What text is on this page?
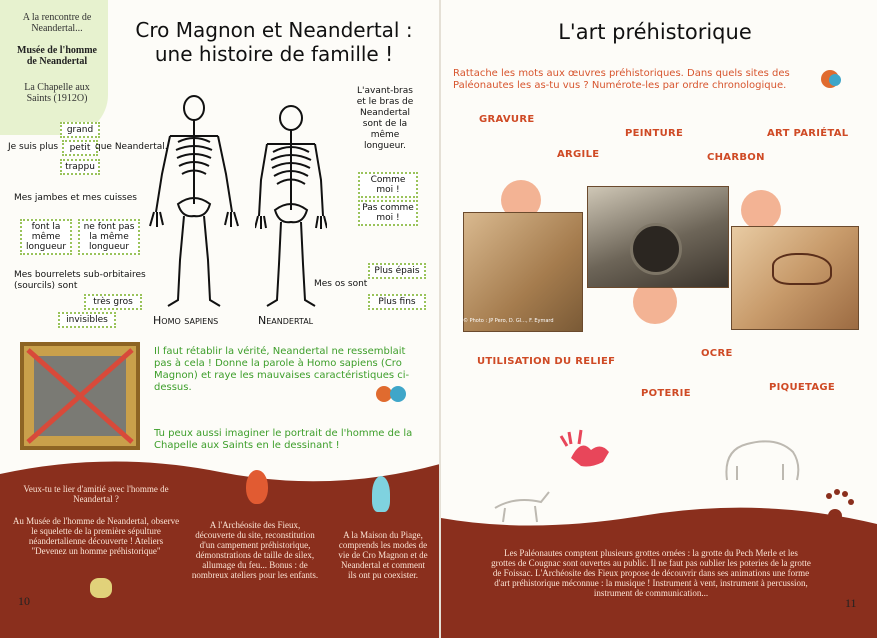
A la rencontre de Neandertal...
Musée de l'homme de Neandertal
La Chapelle aux Saints (1912O)
Cro Magnon et Neandertal :
une histoire de famille !
Homo sapiens	Neandertal
grand
Je suis plus	petit que Neandertal.
trappu
Mes jambes et mes cuisses
font la même longueur
ne font pas la même longueur
Mes bourrelets sub-orbitaires (sourcils) sont
très gros
invisibles
L'avant-bras et le bras de Neandertal sont de la même longueur.
Comme moi !
Pas comme moi !
Mes os sont
Plus épais
Plus fins
Il faut rétablir la vérité, Neandertal ne ressemblait pas à cela ! Donne la parole à Homo sapiens (Cro Magnon) et raye les mauvaises caractéristiques ci-dessus.
Tu peux aussi imaginer le portrait de l'homme de la Chapelle aux Saints en le dessinant !
Veux-tu te lier d'amitié avec l'homme de Neandertal ?
Au Musée de l'homme de Neandertal, observe le squelette de la première sépulture néandertalienne découverte ! Ateliers "Devenez un homme préhistorique"
A l'Archéosite des Fieux, découverte du site, reconstitution d'un campement préhistorique, démonstrations de taille de silex, allumage du feu... Bonus : de nombreux ateliers pour les enfants.
A la Maison du Piage, comprends les modes de vie de Cro Magnon et de Neandertal et comment ils ont pu coexister.
10
L'art préhistorique
Rattache les mots aux œuvres préhistoriques. Dans quels sites des Paléonautes les as-tu vus ? Numérote-les par ordre chronologique.
GRAVURE
PEINTURE	ART PARIÉTAL
ARGILE	CHARBON
© Photo : JP Pero, D. Gl..., F. Eymard
UTILISATION DU RELIEF
OCRE
POTERIE
PIQUETAGE
Les Paléonautes comptent plusieurs grottes ornées : la grotte du Pech Merle et les grottes de Cougnac sont ouvertes au public. Il ne faut pas oublier les poteries de la grotte de Foissac. L'Archéosite des Fieux propose de découvrir dans ses animations une forme d'art préhistorique méconnue : la musique ! Instrument à vent, instrument à percussion, instrument de communication...
11
